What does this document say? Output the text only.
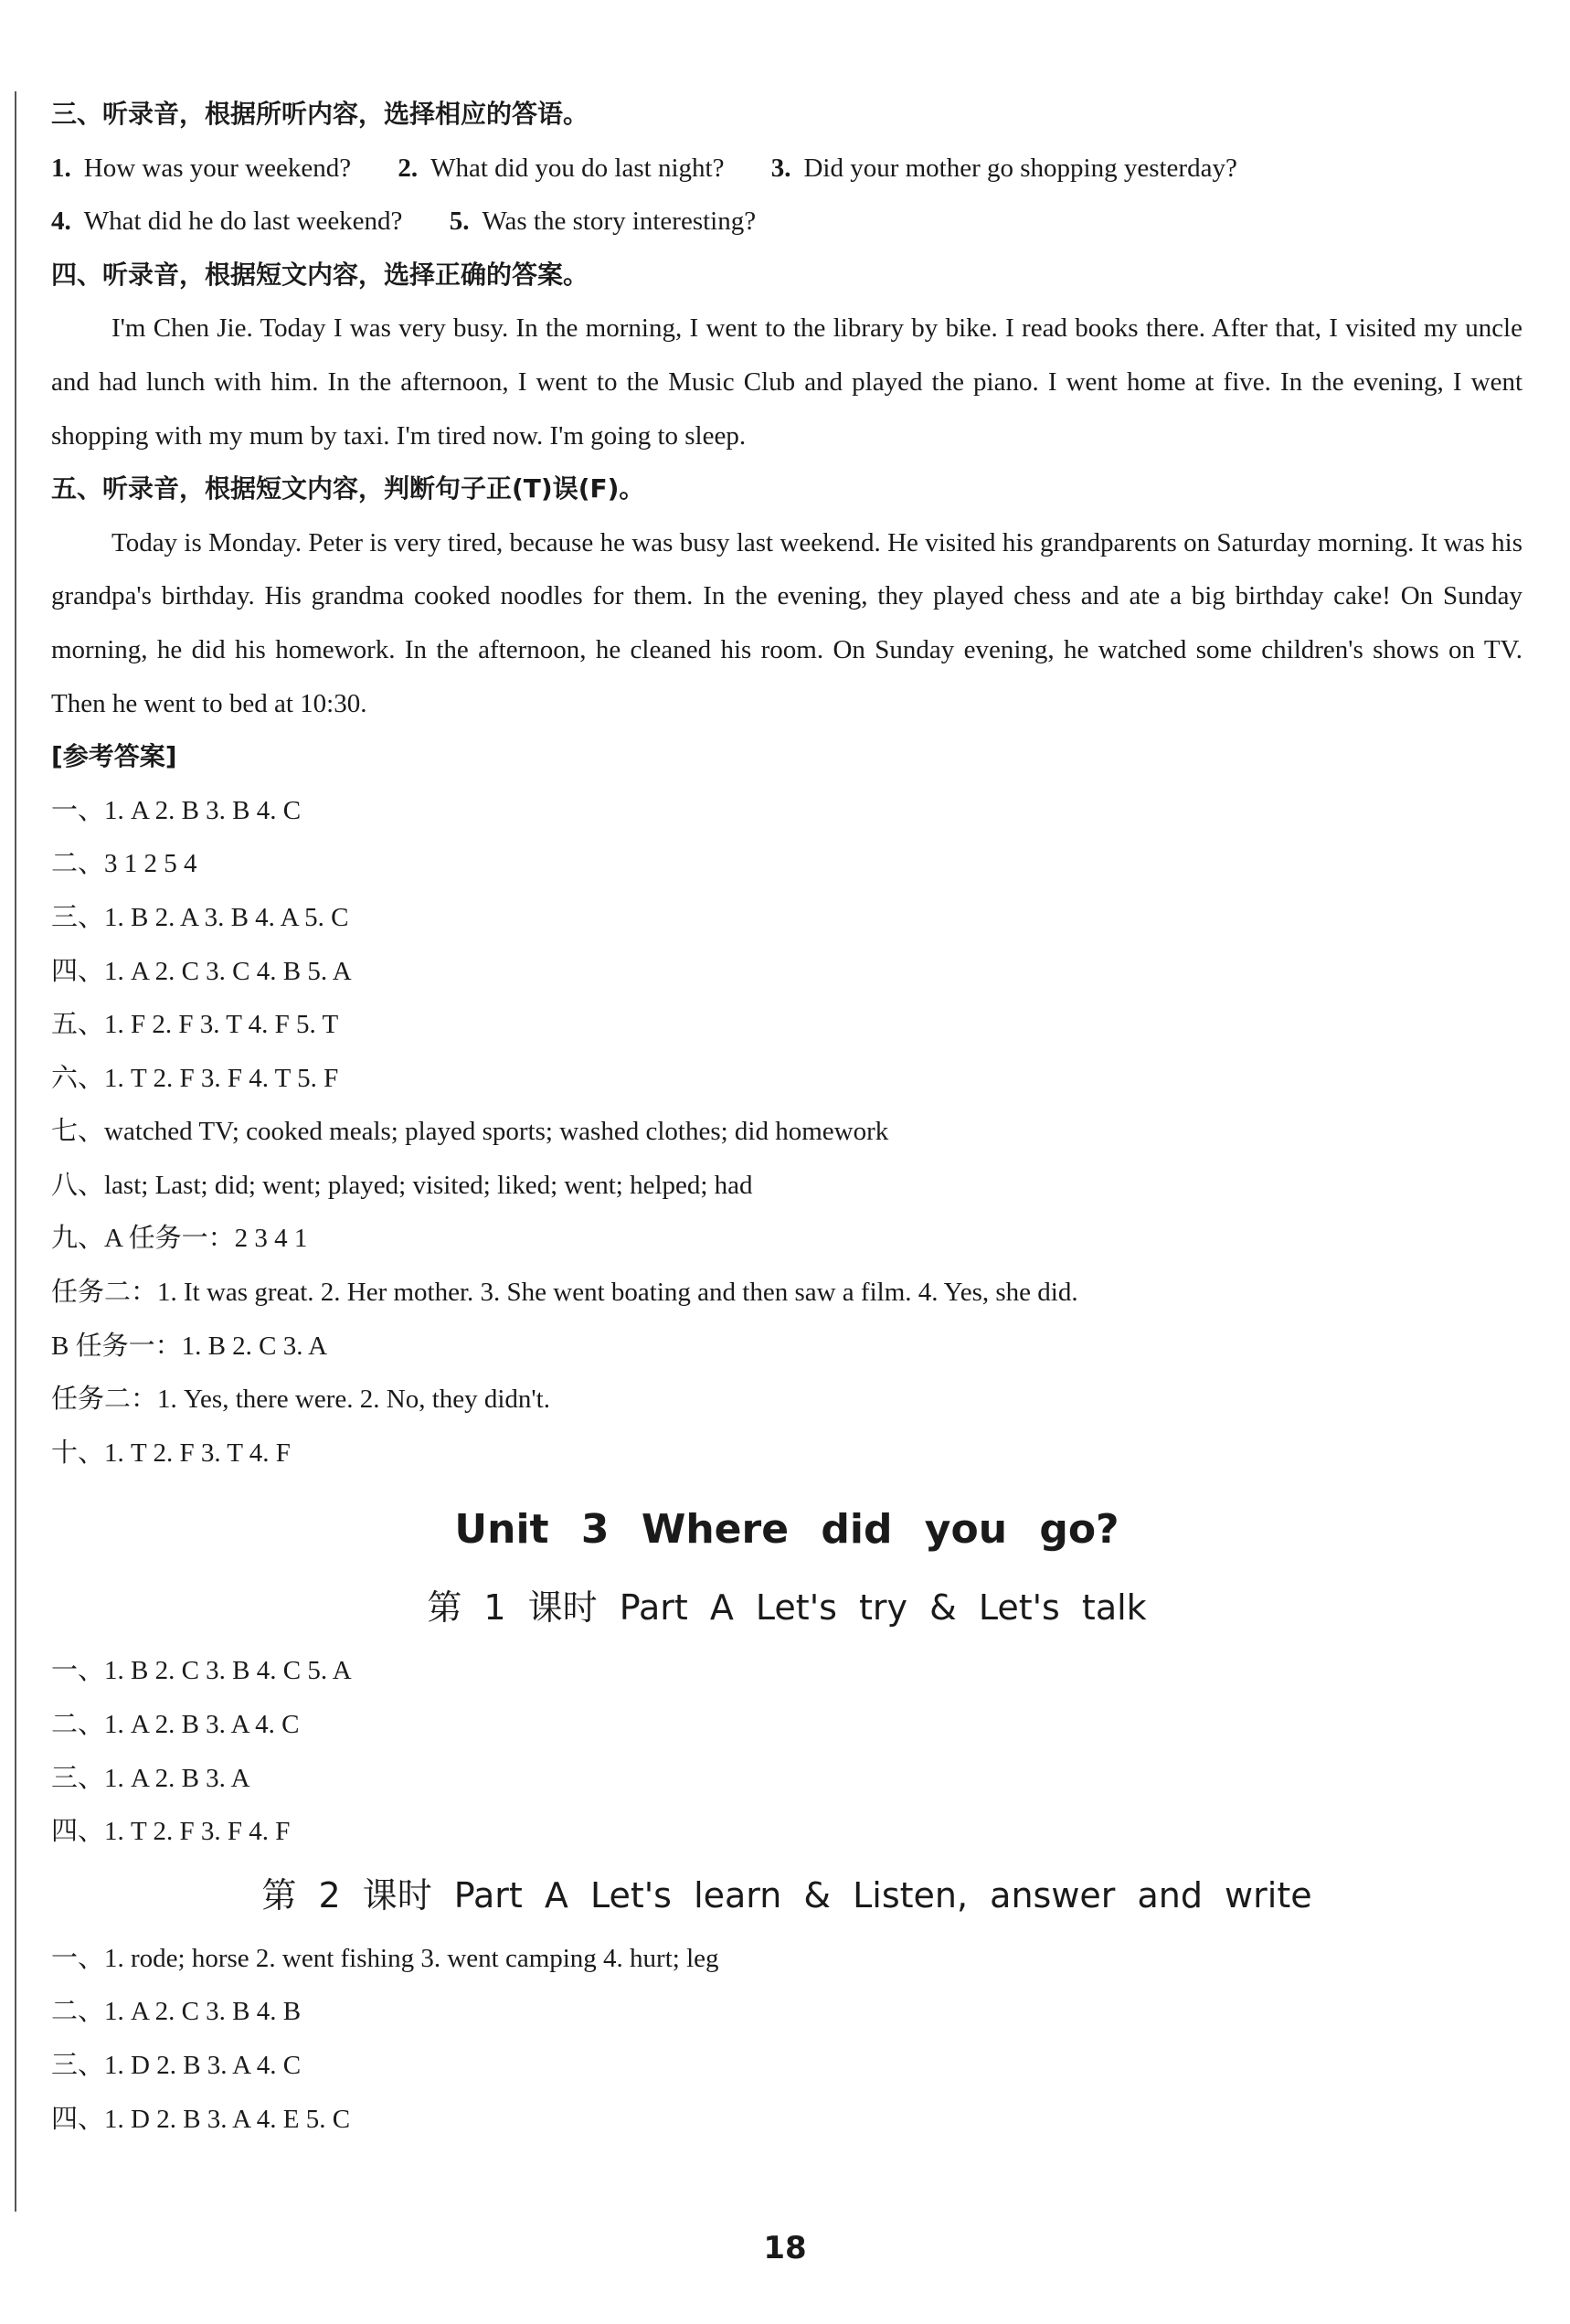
三、听录音，根据所听内容，选择相应的答语。
1. How was your weekend? 2. What did you do last night? 3. Did your mother go shopping yesterday?
4. What did he do last weekend? 5. Was the story interesting?
四、听录音，根据短文内容，选择正确的答案。
I'm Chen Jie. Today I was very busy. In the morning, I went to the library by bike. I read books there. After that, I visited my uncle and had lunch with him. In the afternoon, I went to the Music Club and played the piano. I went home at five. In the evening, I went shopping with my mum by taxi. I'm tired now. I'm going to sleep.
五、听录音，根据短文内容，判断句子正(T)误(F)。
Today is Monday. Peter is very tired, because he was busy last weekend. He visited his grandparents on Saturday morning. It was his grandpa's birthday. His grandma cooked noodles for them. In the evening, they played chess and ate a big birthday cake! On Sunday morning, he did his homework. In the afternoon, he cleaned his room. On Sunday evening, he watched some children's shows on TV. Then he went to bed at 10:30.
[参考答案]
一、1. A 2. B 3. B 4. C
二、3 1 2 5 4
三、1. B 2. A 3. B 4. A 5. C
四、1. A 2. C 3. C 4. B 5. A
五、1. F 2. F 3. T 4. F 5. T
六、1. T 2. F 3. F 4. T 5. F
七、watched TV; cooked meals; played sports; washed clothes; did homework
八、last; Last; did; went; played; visited; liked; went; helped; had
九、A 任务一：2 3 4 1
任务二：1. It was great. 2. Her mother. 3. She went boating and then saw a film. 4. Yes, she did.
B 任务一：1. B 2. C 3. A
任务二：1. Yes, there were. 2. No, they didn't.
十、1. T 2. F 3. T 4. F
Unit 3 Where did you go?
第 1 课时 Part A Let's try & Let's talk
一、1. B 2. C 3. B 4. C 5. A
二、1. A 2. B 3. A 4. C
三、1. A 2. B 3. A
四、1. T 2. F 3. F 4. F
第 2 课时 Part A Let's learn & Listen, answer and write
一、1. rode; horse 2. went fishing 3. went camping 4. hurt; leg
二、1. A 2. C 3. B 4. B
三、1. D 2. B 3. A 4. C
四、1. D 2. B 3. A 4. E 5. C
18
